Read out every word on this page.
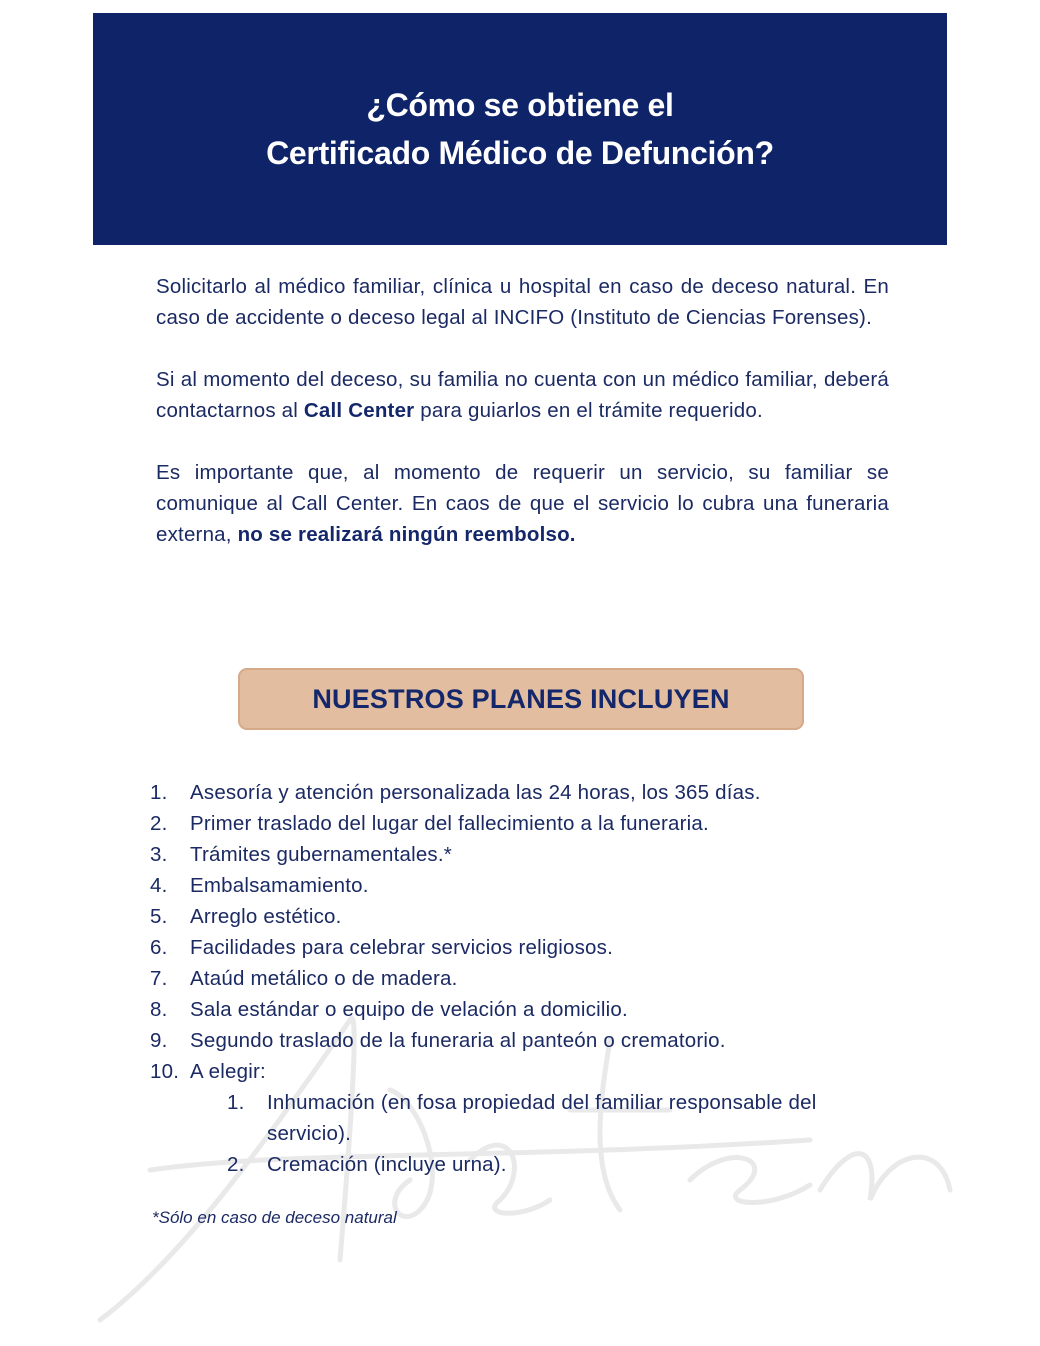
¿Cómo se obtiene el
Certificado Médico de Defunción?

Solicitarlo al médico familiar, clínica u hospital en caso de deceso natural. En caso de accidente o deceso legal al INCIFO (Instituto de Ciencias Forenses).

Si al momento del deceso, su familia no cuenta con un médico familiar, deberá contactarnos al Call Center para guiarlos en el trámite requerido.

Es importante que, al momento de requerir un servicio, su familiar se comunique al Call Center. En caos de que el servicio lo cubra una funeraria externa, no se realizará ningún reembolso.

NUESTROS PLANES INCLUYEN
1.	Asesoría y atención personalizada las 24 horas, los 365 días.
2.	Primer traslado del lugar del fallecimiento a la funeraria.
3.	Trámites gubernamentales.*
4.	Embalsamamiento.
5.	Arreglo estético.
6.	Facilidades para celebrar servicios religiosos.
7.	Ataúd metálico o de madera.
8.	Sala estándar o equipo de velación a domicilio.
9.	Segundo traslado de la funeraria al panteón o crematorio.
10. A elegir:
1.	Inhumación (en fosa propiedad del familiar responsable del servicio).
2.	Cremación (incluye urna).

*Sólo en caso de deceso natural
